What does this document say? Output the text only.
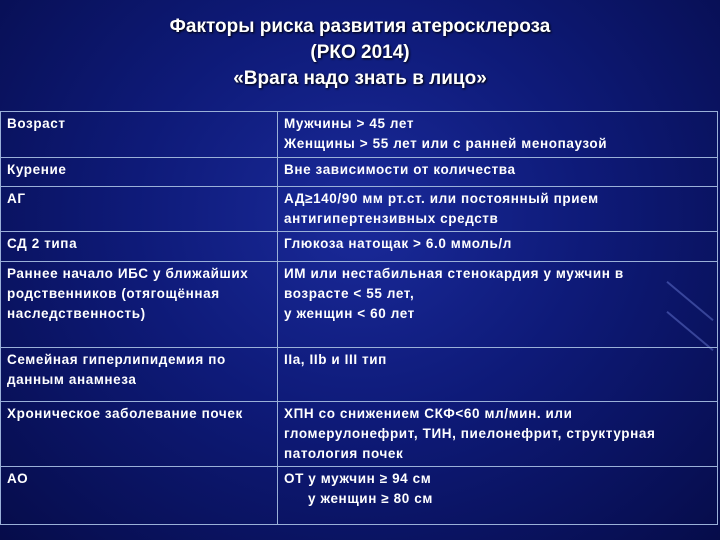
Факторы риска развития атеросклероза
(РКО 2014)
«Врага надо знать в лицо»
Возраст	Мужчины > 45 лет
Женщины > 55 лет или с ранней менопаузой

Курение	Вне зависимости от количества

АГ	АД≥140/90 мм рт.ст. или постоянный прием
антигипертензивных средств

СД 2 типа	Глюкоза натощак > 6.0 ммоль/л

Раннее начало ИБС у ближайших родственников (отягощённая наследственность)	ИМ или нестабильная стенокардия у мужчин в
возрасте < 55 лет,
у женщин < 60 лет

Семейная гиперлипидемия по данным анамнеза	IIa, IIb и III тип

Хроническое заболевание почек	ХПН со снижением СКФ<60 мл/мин. или
гломерулонефрит, ТИН, пиелонефрит, структурная
патология почек

АО	ОТ у мужчин ≥ 94 см
у женщин ≥ 80 см
